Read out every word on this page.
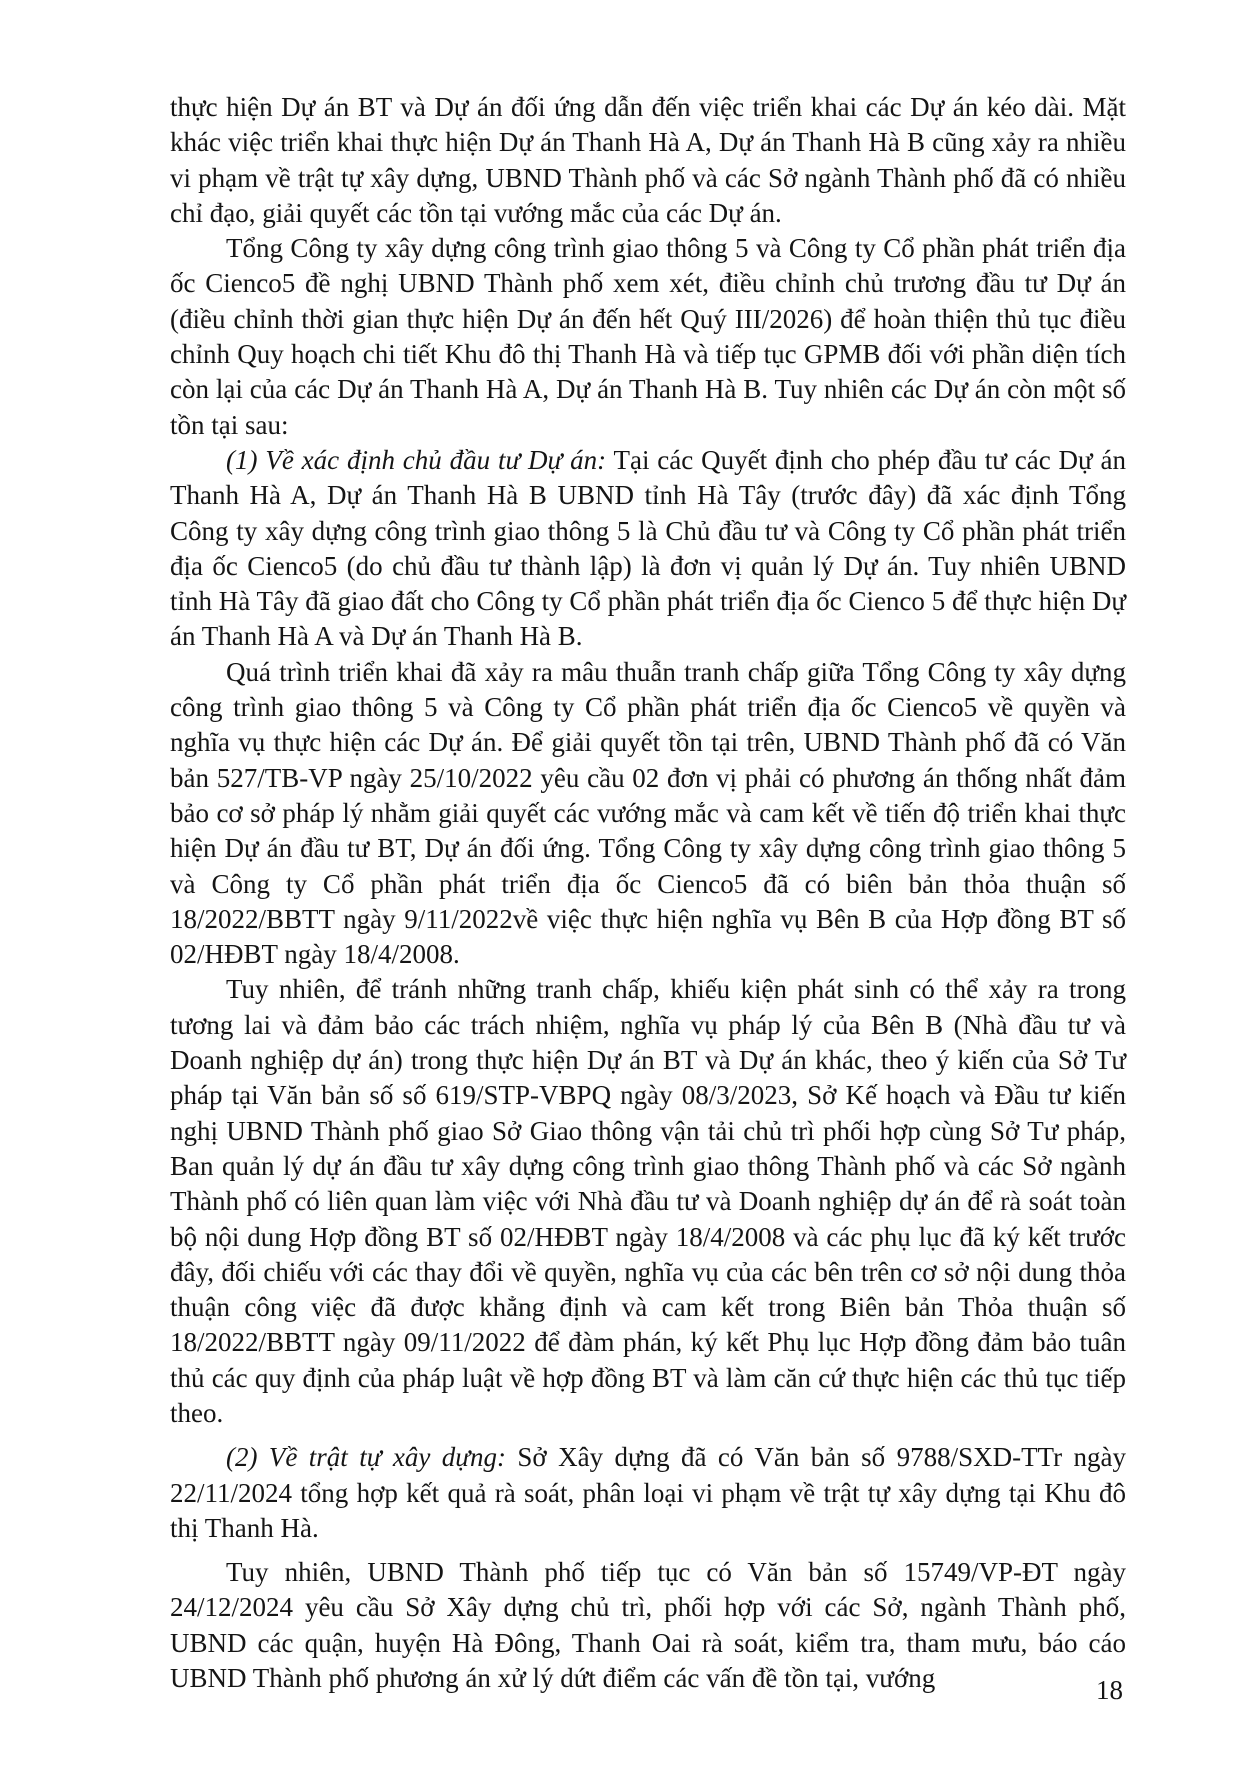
thực hiện Dự án BT và Dự án đối ứng dẫn đến việc triển khai các Dự án kéo dài. Mặt khác việc triển khai thực hiện Dự án Thanh Hà A, Dự án Thanh Hà B cũng xảy ra nhiều vi phạm về trật tự xây dựng, UBND Thành phố và các Sở ngành Thành phố đã có nhiều chỉ đạo, giải quyết các tồn tại vướng mắc của các Dự án.

Tổng Công ty xây dựng công trình giao thông 5 và Công ty Cổ phần phát triển địa ốc Cienco5 đề nghị UBND Thành phố xem xét, điều chỉnh chủ trương đầu tư Dự án (điều chỉnh thời gian thực hiện Dự án đến hết Quý III/2026) để hoàn thiện thủ tục điều chỉnh Quy hoạch chi tiết Khu đô thị Thanh Hà và tiếp tục GPMB đối với phần diện tích còn lại của các Dự án Thanh Hà A, Dự án Thanh Hà B. Tuy nhiên các Dự án còn một số tồn tại sau:

(1) Về xác định chủ đầu tư Dự án: Tại các Quyết định cho phép đầu tư các Dự án Thanh Hà A, Dự án Thanh Hà B UBND tỉnh Hà Tây (trước đây) đã xác định Tổng Công ty xây dựng công trình giao thông 5 là Chủ đầu tư và Công ty Cổ phần phát triển địa ốc Cienco5 (do chủ đầu tư thành lập) là đơn vị quản lý Dự án. Tuy nhiên UBND tỉnh Hà Tây đã giao đất cho Công ty Cổ phần phát triển địa ốc Cienco 5 để thực hiện Dự án Thanh Hà A và Dự án Thanh Hà B.

Quá trình triển khai đã xảy ra mâu thuẫn tranh chấp giữa Tổng Công ty xây dựng công trình giao thông 5 và Công ty Cổ phần phát triển địa ốc Cienco5 về quyền và nghĩa vụ thực hiện các Dự án. Để giải quyết tồn tại trên, UBND Thành phố đã có Văn bản 527/TB-VP ngày 25/10/2022 yêu cầu 02 đơn vị phải có phương án thống nhất đảm bảo cơ sở pháp lý nhằm giải quyết các vướng mắc và cam kết về tiến độ triển khai thực hiện Dự án đầu tư BT, Dự án đối ứng. Tổng Công ty xây dựng công trình giao thông 5 và Công ty Cổ phần phát triển địa ốc Cienco5 đã có biên bản thỏa thuận số 18/2022/BBTT ngày 9/11/2022về việc thực hiện nghĩa vụ Bên B của Hợp đồng BT số 02/HĐBT ngày 18/4/2008.

Tuy nhiên, để tránh những tranh chấp, khiếu kiện phát sinh có thể xảy ra trong tương lai và đảm bảo các trách nhiệm, nghĩa vụ pháp lý của Bên B (Nhà đầu tư và Doanh nghiệp dự án) trong thực hiện Dự án BT và Dự án khác, theo ý kiến của Sở Tư pháp tại Văn bản số số 619/STP-VBPQ ngày 08/3/2023, Sở Kế hoạch và Đầu tư kiến nghị UBND Thành phố giao Sở Giao thông vận tải chủ trì phối hợp cùng Sở Tư pháp, Ban quản lý dự án đầu tư xây dựng công trình giao thông Thành phố và các Sở ngành Thành phố có liên quan làm việc với Nhà đầu tư và Doanh nghiệp dự án để rà soát toàn bộ nội dung Hợp đồng BT số 02/HĐBT ngày 18/4/2008 và các phụ lục đã ký kết trước đây, đối chiếu với các thay đổi về quyền, nghĩa vụ của các bên trên cơ sở nội dung thỏa thuận công việc đã được khẳng định và cam kết trong Biên bản Thỏa thuận số 18/2022/BBTT ngày 09/11/2022 để đàm phán, ký kết Phụ lục Hợp đồng đảm bảo tuân thủ các quy định của pháp luật về hợp đồng BT và làm căn cứ thực hiện các thủ tục tiếp theo.

(2) Về trật tự xây dựng: Sở Xây dựng đã có Văn bản số 9788/SXD-TTr ngày 22/11/2024 tổng hợp kết quả rà soát, phân loại vi phạm về trật tự xây dựng tại Khu đô thị Thanh Hà.

Tuy nhiên, UBND Thành phố tiếp tục có Văn bản số 15749/VP-ĐT ngày 24/12/2024 yêu cầu Sở Xây dựng chủ trì, phối hợp với các Sở, ngành Thành phố, UBND các quận, huyện Hà Đông, Thanh Oai rà soát, kiểm tra, tham mưu, báo cáo UBND Thành phố phương án xử lý dứt điểm các vấn đề tồn tại, vướng	18
